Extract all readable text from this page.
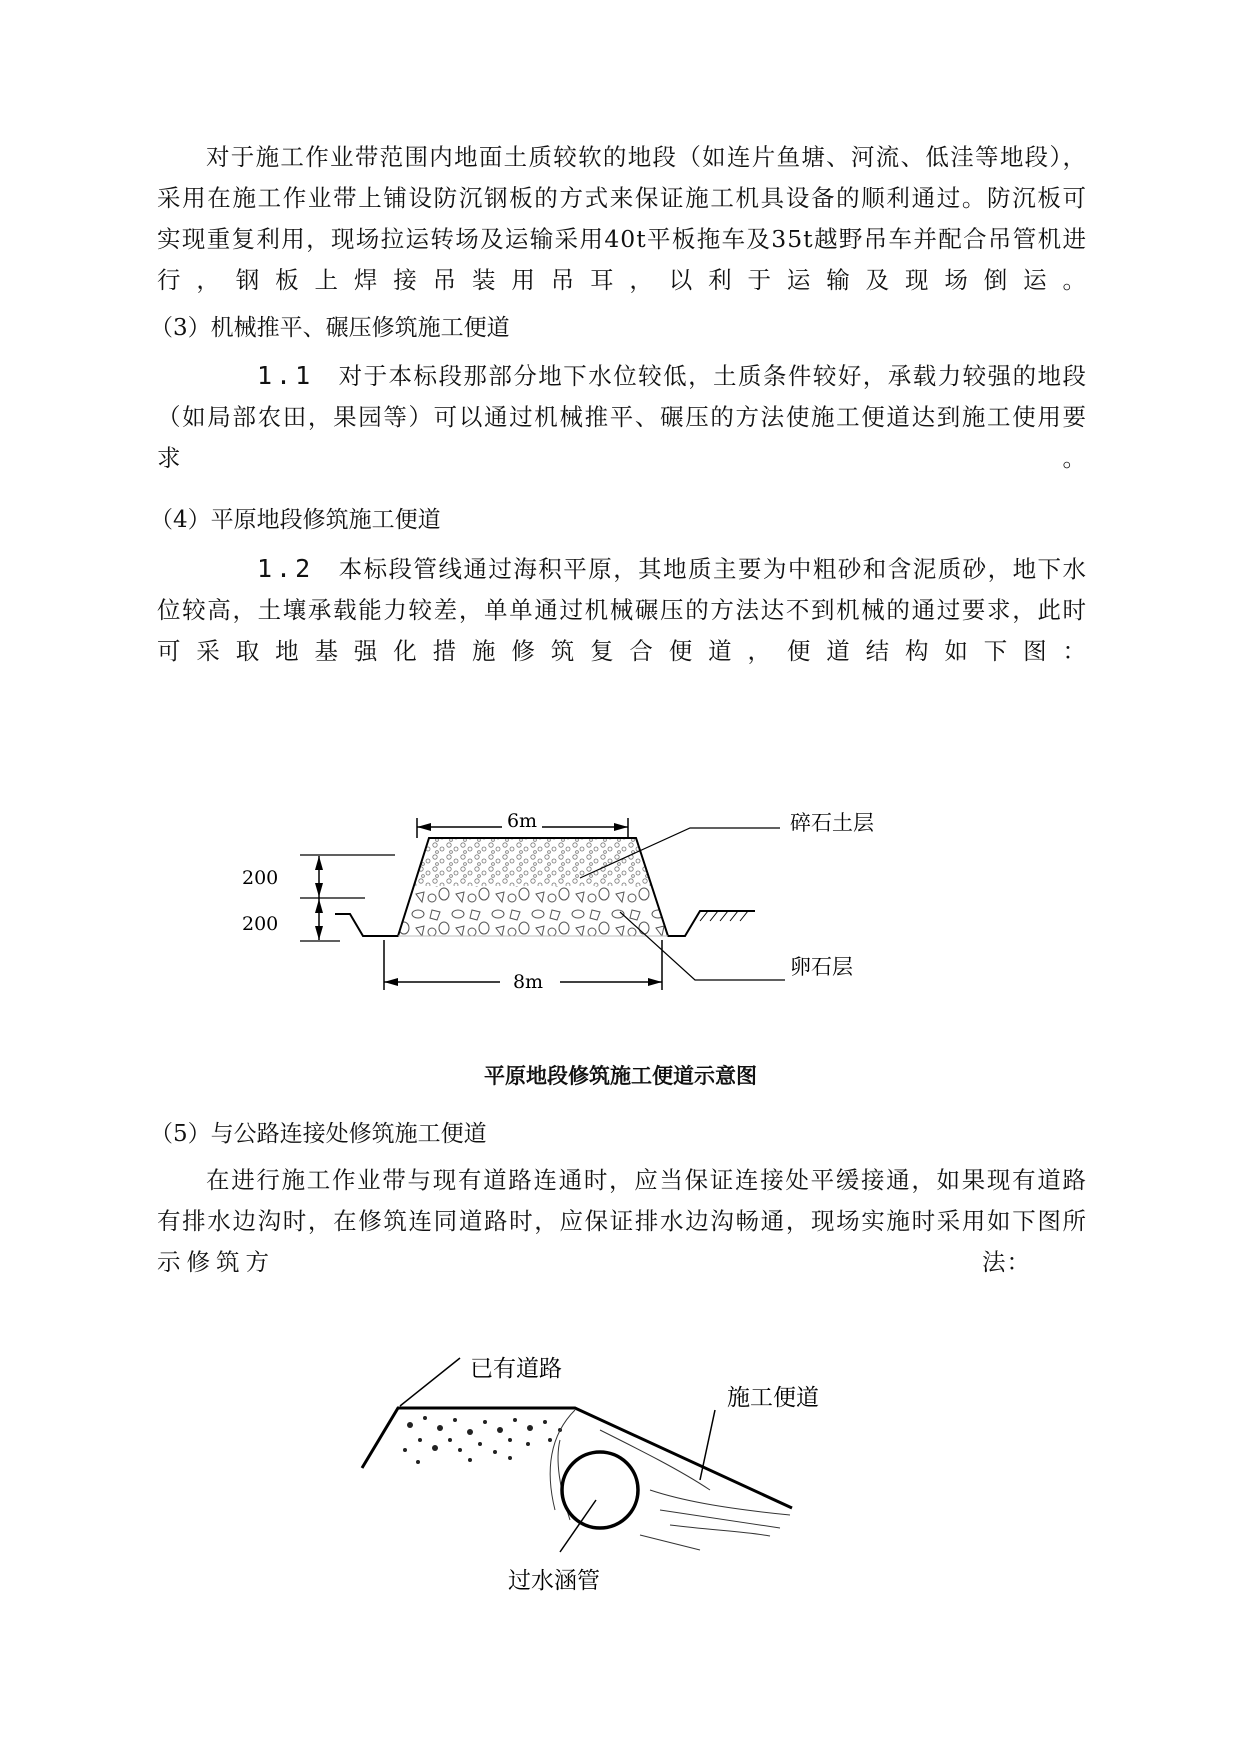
对于施工作业带范围内地面土质较软的地段（如连片鱼塘、河流、低洼等地段），采用在施工作业带上铺设防沉钢板的方式来保证施工机具设备的顺利通过。防沉板可实现重复利用，现场拉运转场及运输采用40t平板拖车及35t越野吊车并配合吊管机进行，钢板上焊接吊装用吊耳，以利于运输及现场倒运。

（3）机械推平、碾压修筑施工便道

1.1 对于本标段那部分地下水位较低，土质条件较好，承载力较强的地段（如局部农田，果园等）可以通过机械推平、碾压的方法使施工便道达到施工使用要求。

（4）平原地段修筑施工便道

1.2 本标段管线通过海积平原，其地质主要为中粗砂和含泥质砂，地下水位较高，土壤承载能力较差，单单通过机械碾压的方法达不到机械的通过要求，此时可采取地基强化措施修筑复合便道，便道结构如下图：

6m
8m
200
200
碎石土层
卵石层
平原地段修筑施工便道示意图

（5）与公路连接处修筑施工便道

在进行施工作业带与现有道路连通时，应当保证连接处平缓接通，如果现有道路有排水边沟时，在修筑连同道路时，应保证排水边沟畅通，现场实施时采用如下图所

示修筑方	法：
已有道路
施工便道
过水涵管
